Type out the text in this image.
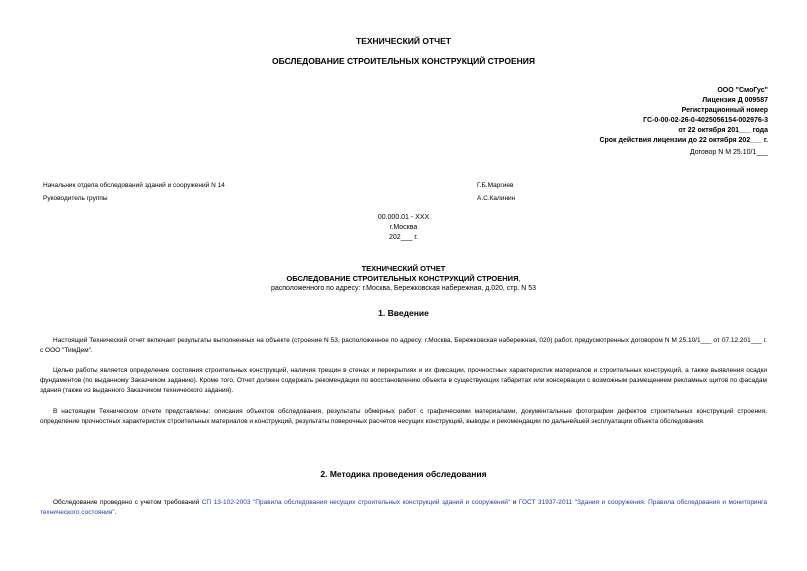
ТЕХНИЧЕСКИЙ ОТЧЕТ
ОБСЛЕДОВАНИЕ СТРОИТЕЛЬНЫХ КОНСТРУКЦИЙ СТРОЕНИЯ
ООО "СмоГус"
Лицензия Д 009587
Регистрационный номер
ГС-0-00-02-26-0-4025056154-002976-3
от 22 октября 201___ года
Срок действия лицензии до 22 октября 202___ г.
Договор N М 25.10/1___
Начальник отдела обследований зданий и сооружений N 14	Г.Б.Маргиев
Руководитель группы	А.С.Калинин
00.000.01 - ХХХ
г.Москва
202___ г.
ТЕХНИЧЕСКИЙ ОТЧЕТ
ОБСЛЕДОВАНИЕ СТРОИТЕЛЬНЫХ КОНСТРУКЦИЙ СТРОЕНИЯ,
расположенного по адресу: г.Москва, Бережковская набережная, д.020, стр. N 53
1. Введение
Настоящий Технический отчет включает результаты выполненных на объекте (строение N 53, расположенное по адресу: г.Москва, Бережковская набережная, 020) работ, предусмотренных договором N М 25.10/1___ от 07.12.201___ г. с ООО "ТимДем".
Целью работы является определение состояния строительных конструкций, наличия трещин в стенах и перекрытиях и их фиксации, прочностных характеристик материалов и строительных конструкций, а также выявления осадки фундаментов (по выданному Заказчиком заданию). Кроме того, Отчет должен содержать рекомендации по восстановлению объекта в существующих габаритах или консервации с возможным размещением рекламных щитов по фасадам здания (также из выданного Заказчиком технического задания).
В настоящем Техническом отчете представлены: описания объектов обследования, результаты обмерных работ с графическими материалами, документальные фотографии дефектов строительных конструкций строения, определение прочностных характеристик строительных материалов и конструкций, результаты поверочных расчетов несущих конструкций, выводы и рекомендации по дальнейшей эксплуатации объекта обследования.
2. Методика проведения обследования
Обследование проведено с учетом требований СП 13-102-2003 "Правила обследования несущих строительных конструкций зданий и сооружений" и ГОСТ 31937-2011 "Здания и сооружения. Правила обследования и мониторинга технического состояния".
